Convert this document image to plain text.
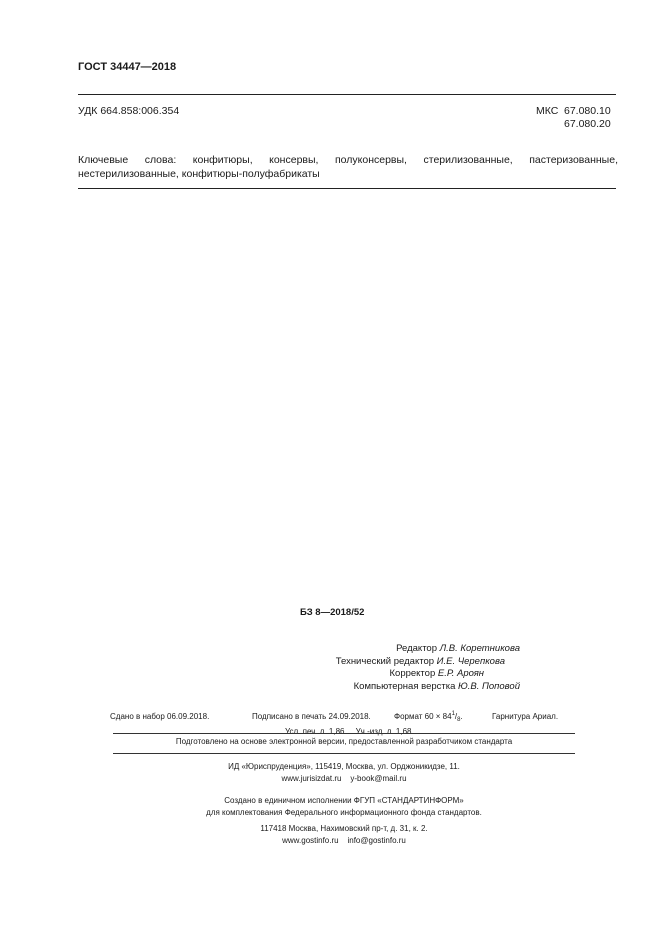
ГОСТ 34447—2018
УДК 664.858:006.354	МКС 67.080.10
67.080.20
Ключевые слова: конфитюры, консервы, полуконсервы, стерилизованные, пастеризованные, нестерилизованные, конфитюры-полуфабрикаты
БЗ 8—2018/52
Редактор Л.В. Коретникова
Технический редактор И.Е. Черепкова
Корректор Е.Р. Ароян
Компьютерная верстка Ю.В. Поповой
Сдано в набор 06.09.2018.	Подписано в печать 24.09.2018.	Формат 60 × 841/8.	Гарнитура Ариал.
Усл. печ. л. 1,86. Уч.-изд. л. 1,68.
Подготовлено на основе электронной версии, предоставленной разработчиком стандарта
ИД «Юриспруденция», 115419, Москва, ул. Орджоникидзе, 11.
www.jurisizdat.ru y-book@mail.ru
Создано в единичном исполнении ФГУП «СТАНДАРТИНФОРМ»
для комплектования Федерального информационного фонда стандартов.
117418 Москва, Нахимовский пр-т, д. 31, к. 2.
www.gostinfo.ru info@gostinfo.ru
